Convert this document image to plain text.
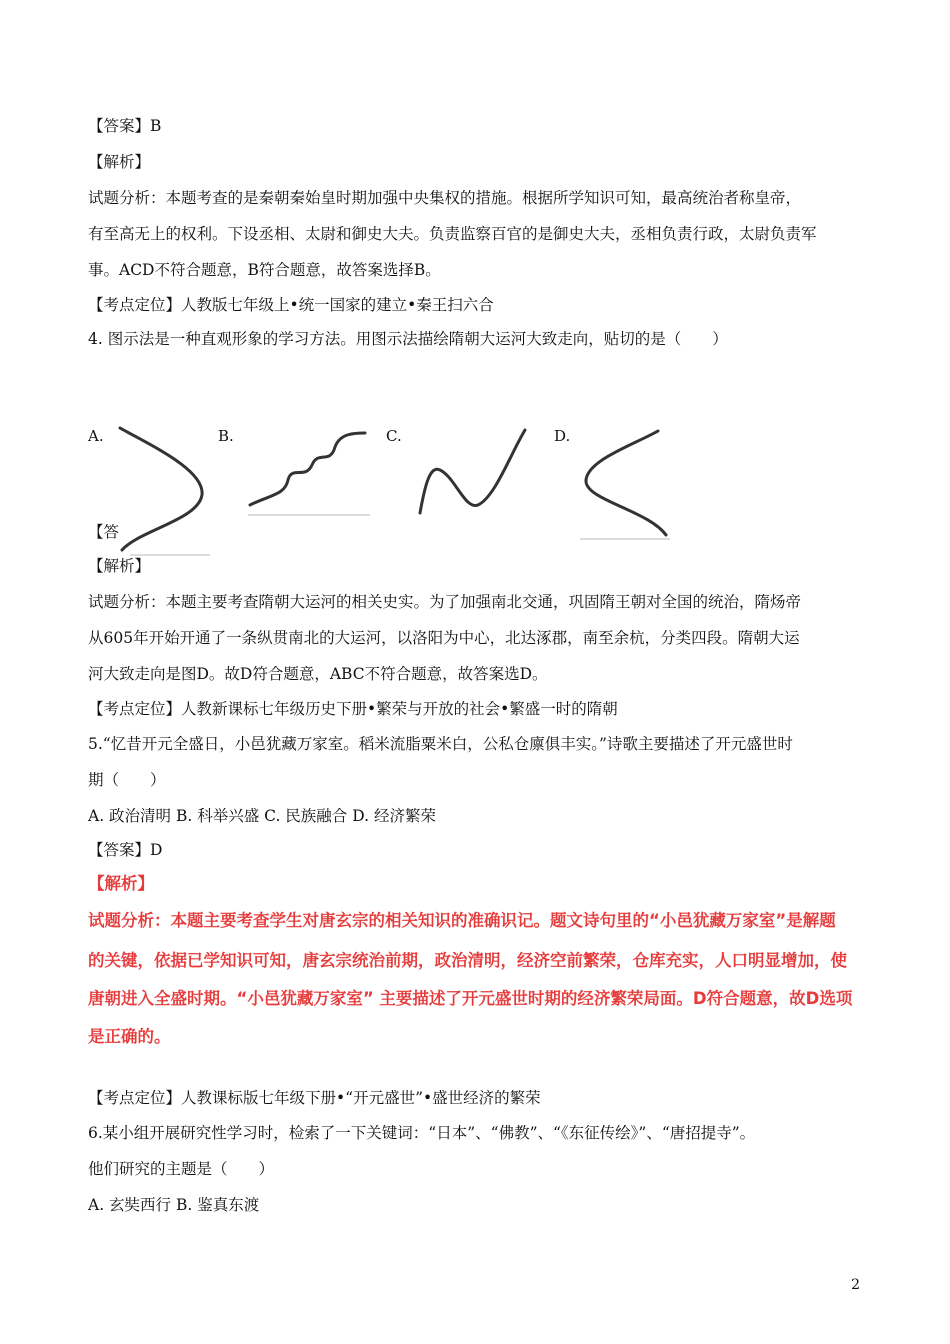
【答案】B
【解析】
试题分析：本题考查的是秦朝秦始皇时期加强中央集权的措施。根据所学知识可知，最高统治者称皇帝，
有至高无上的权利。下设丞相、太尉和御史大夫。负责监察百官的是御史大夫，丞相负责行政，太尉负责军
事。ACD不符合题意，B符合题意，故答案选择B。
【考点定位】人教版七年级上•统一国家的建立•秦王扫六合
4. 图示法是一种直观形象的学习方法。用图示法描绘隋朝大运河大致走向，贴切的是（　　）
A.	B.	C.	D.
【答
【解析】
试题分析：本题主要考查隋朝大运河的相关史实。为了加强南北交通，巩固隋王朝对全国的统治，隋炀帝
从605年开始开通了一条纵贯南北的大运河，以洛阳为中心，北达涿郡，南至余杭，分类四段。隋朝大运
河大致走向是图D。故D符合题意，ABC不符合题意，故答案选D。
【考点定位】人教新课标七年级历史下册•繁荣与开放的社会•繁盛一时的隋朝
5.“忆昔开元全盛日，小邑犹藏万家室。稻米流脂粟米白，公私仓廪俱丰实。”诗歌主要描述了开元盛世时
期（　　）
A. 政治清明 B. 科举兴盛 C. 民族融合 D. 经济繁荣
【答案】D
【解析】
试题分析：本题主要考查学生对唐玄宗的相关知识的准确识记。题文诗句里的“小邑犹藏万家室”是解题
的关键，依据已学知识可知，唐玄宗统治前期，政治清明，经济空前繁荣，仓库充实，人口明显增加，使
唐朝进入全盛时期。“小邑犹藏万家室” 主要描述了开元盛世时期的经济繁荣局面。D符合题意，故D选项
是正确的。
【考点定位】人教课标版七年级下册•“开元盛世”•盛世经济的繁荣
6.某小组开展研究性学习时，检索了一下关键词：“日本”、“佛教”、“《东征传绘》”、“唐招提寺”。
他们研究的主题是（　　）
A. 玄奘西行 B. 鉴真东渡
2
